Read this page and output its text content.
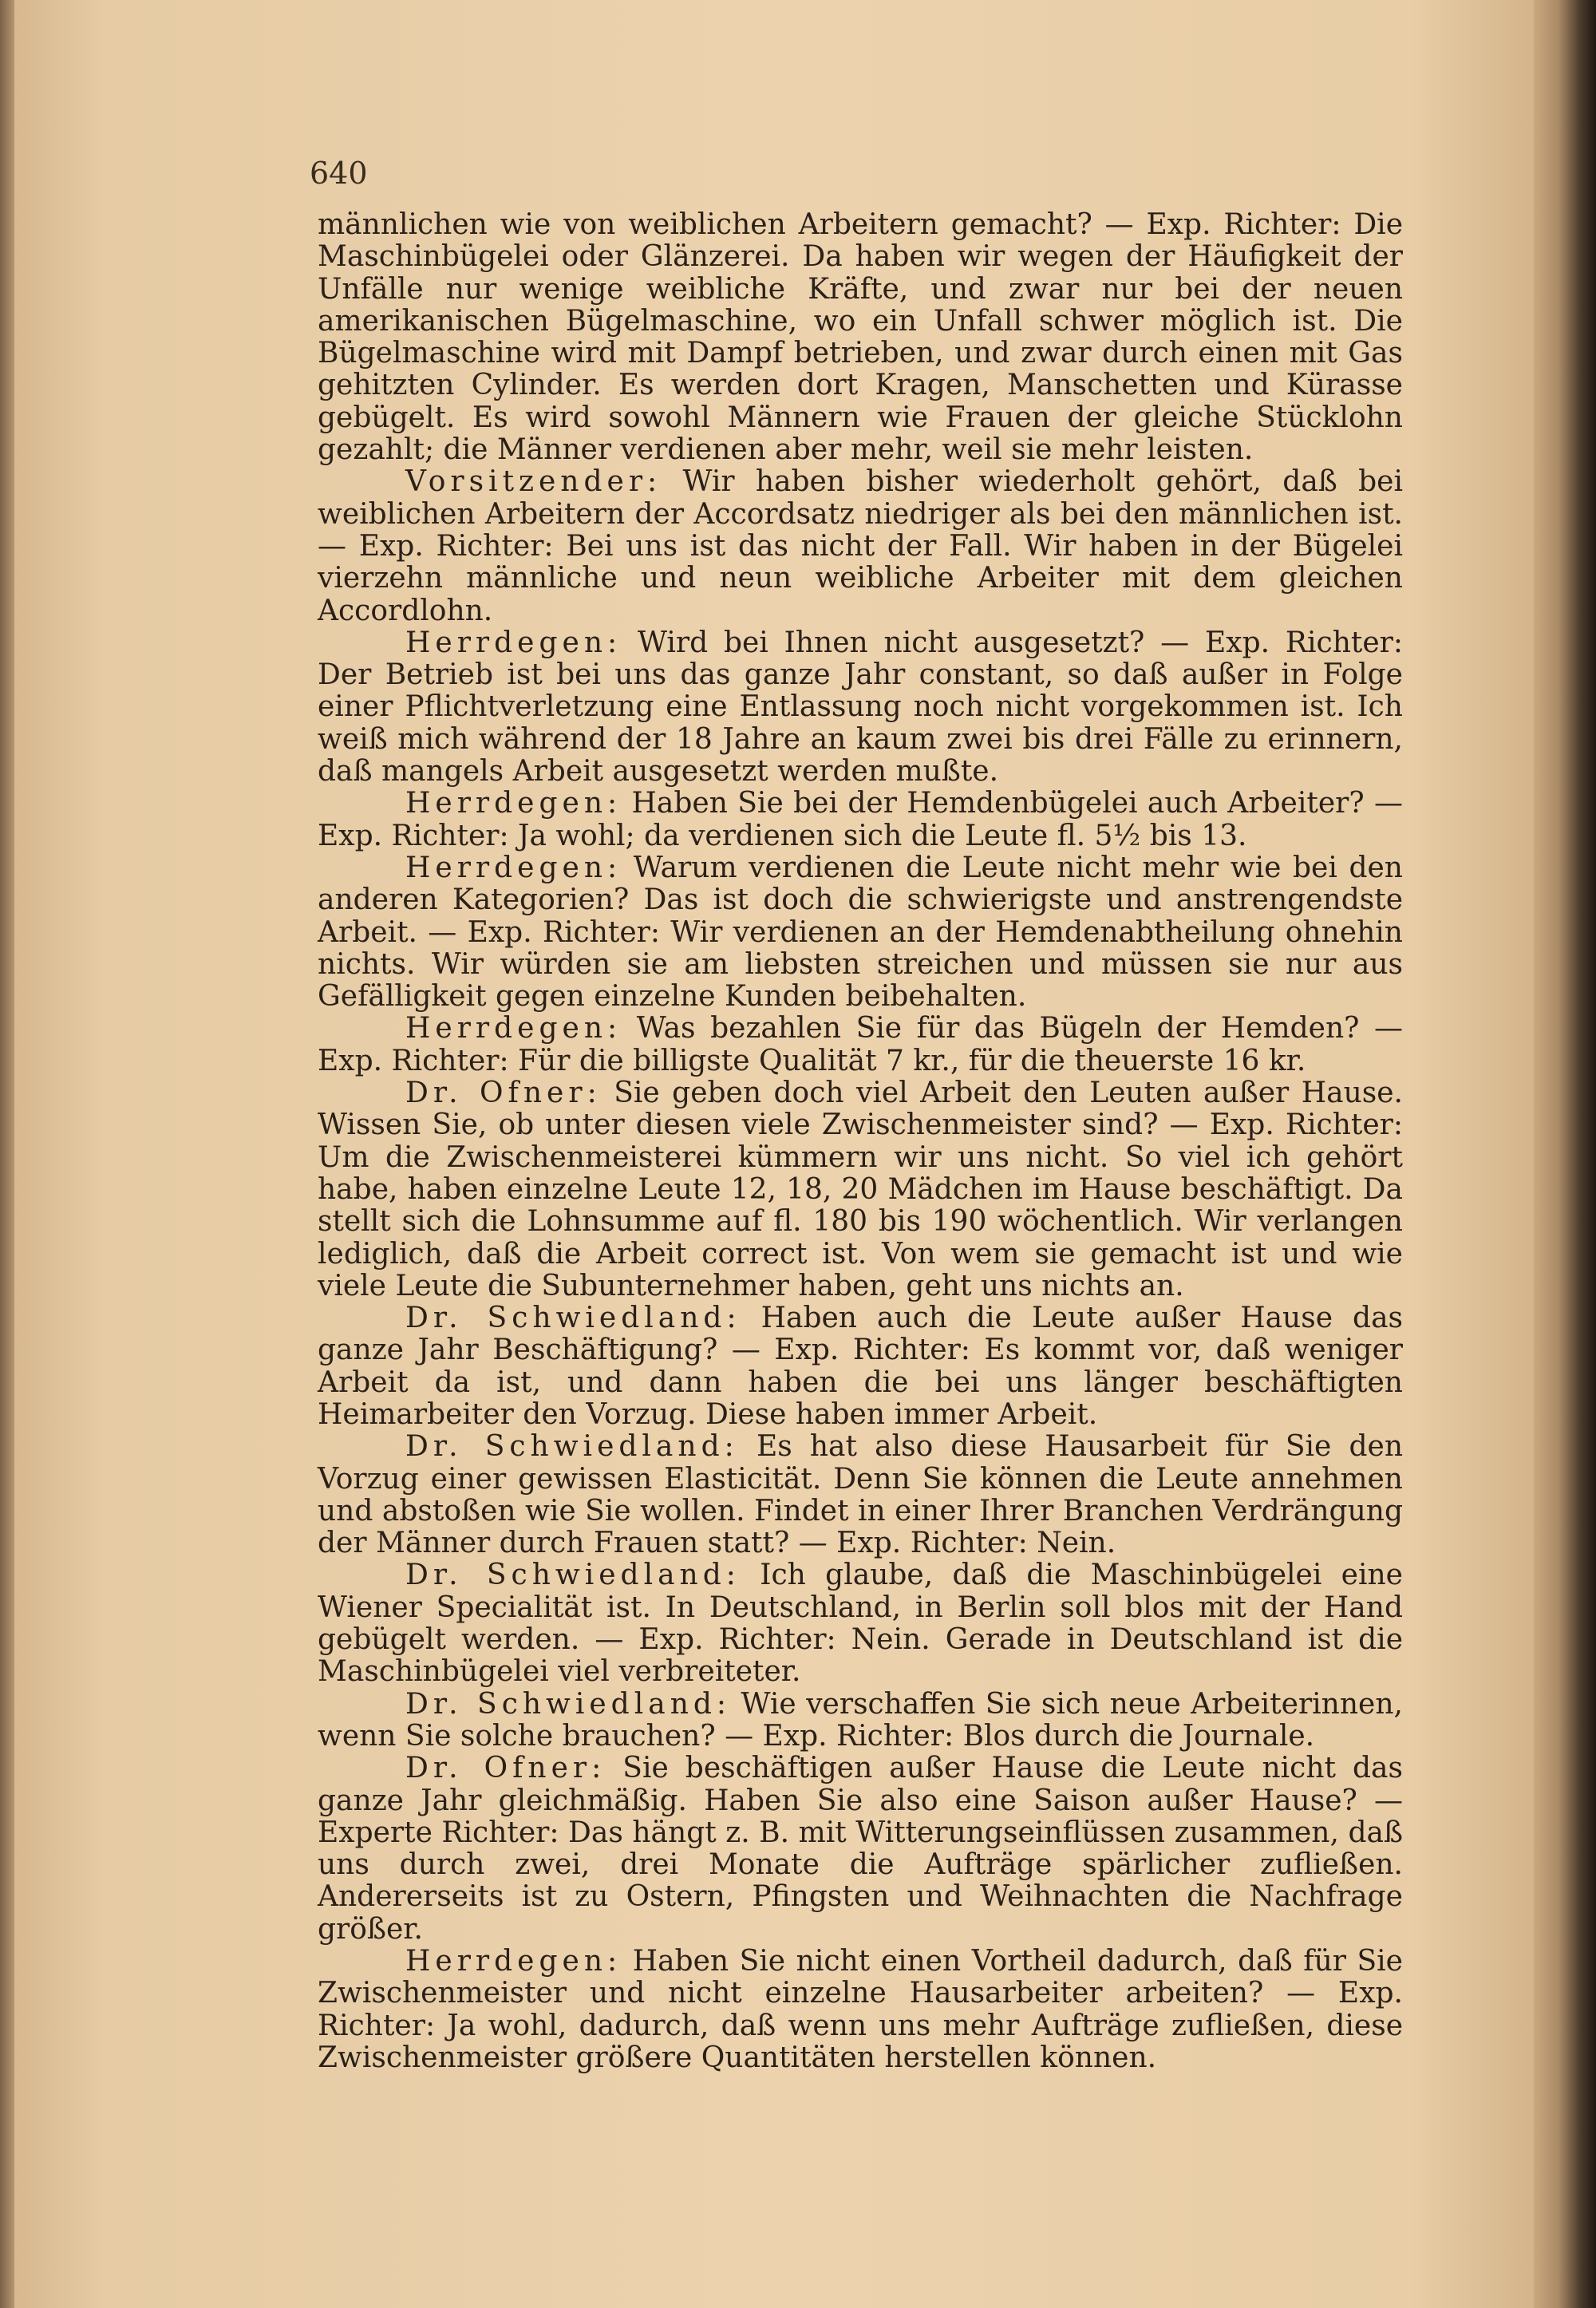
640

männlichen wie von weiblichen Arbeitern gemacht? — Exp. Richter: Die Maschinbügelei oder Glänzerei. Da haben wir wegen der Häufigkeit der Unfälle nur wenige weibliche Kräfte, und zwar nur bei der neuen amerikanischen Bügelmaschine, wo ein Unfall schwer möglich ist. Die Bügelmaschine wird mit Dampf betrieben, und zwar durch einen mit Gas gehitzten Cylinder. Es werden dort Kragen, Manschetten und Kürasse gebügelt. Es wird sowohl Männern wie Frauen der gleiche Stücklohn gezahlt; die Männer verdienen aber mehr, weil sie mehr leisten.

Vorsitzender: Wir haben bisher wiederholt gehört, daß bei weiblichen Arbeitern der Accordsatz niedriger als bei den männlichen ist. — Exp. Richter: Bei uns ist das nicht der Fall. Wir haben in der Bügelei vierzehn männliche und neun weibliche Arbeiter mit dem gleichen Accordlohn.

Herrdegen: Wird bei Ihnen nicht ausgesetzt? — Exp. Richter: Der Betrieb ist bei uns das ganze Jahr constant, so daß außer in Folge einer Pflichtverletzung eine Entlassung noch nicht vorgekommen ist. Ich weiß mich während der 18 Jahre an kaum zwei bis drei Fälle zu erinnern, daß mangels Arbeit ausgesetzt werden mußte.

Herrdegen: Haben Sie bei der Hemdenbügelei auch Arbeiter? — Exp. Richter: Ja wohl; da verdienen sich die Leute fl. 5½ bis 13.

Herrdegen: Warum verdienen die Leute nicht mehr wie bei den anderen Kategorien? Das ist doch die schwierigste und anstrengendste Arbeit. — Exp. Richter: Wir verdienen an der Hemdenabtheilung ohnehin nichts. Wir würden sie am liebsten streichen und müssen sie nur aus Gefälligkeit gegen einzelne Kunden beibehalten.

Herrdegen: Was bezahlen Sie für das Bügeln der Hemden? — Exp. Richter: Für die billigste Qualität 7 kr., für die theuerste 16 kr.

Dr. Ofner: Sie geben doch viel Arbeit den Leuten außer Hause. Wissen Sie, ob unter diesen viele Zwischenmeister sind? — Exp. Richter: Um die Zwischenmeisterei kümmern wir uns nicht. So viel ich gehört habe, haben einzelne Leute 12, 18, 20 Mädchen im Hause beschäftigt. Da stellt sich die Lohnsumme auf fl. 180 bis 190 wöchentlich. Wir verlangen lediglich, daß die Arbeit correct ist. Von wem sie gemacht ist und wie viele Leute die Subunternehmer haben, geht uns nichts an.

Dr. Schwiedland: Haben auch die Leute außer Hause das ganze Jahr Beschäftigung? — Exp. Richter: Es kommt vor, daß weniger Arbeit da ist, und dann haben die bei uns länger beschäftigten Heimarbeiter den Vorzug. Diese haben immer Arbeit.

Dr. Schwiedland: Es hat also diese Hausarbeit für Sie den Vorzug einer gewissen Elasticität. Denn Sie können die Leute annehmen und abstoßen wie Sie wollen. Findet in einer Ihrer Branchen Verdrängung der Männer durch Frauen statt? — Exp. Richter: Nein.

Dr. Schwiedland: Ich glaube, daß die Maschinbügelei eine Wiener Specialität ist. In Deutschland, in Berlin soll blos mit der Hand gebügelt werden. — Exp. Richter: Nein. Gerade in Deutschland ist die Maschinbügelei viel verbreiteter.

Dr. Schwiedland: Wie verschaffen Sie sich neue Arbeiterinnen, wenn Sie solche brauchen? — Exp. Richter: Blos durch die Journale.

Dr. Ofner: Sie beschäftigen außer Hause die Leute nicht das ganze Jahr gleichmäßig. Haben Sie also eine Saison außer Hause? — Experte Richter: Das hängt z. B. mit Witterungseinflüssen zusammen, daß uns durch zwei, drei Monate die Aufträge spärlicher zufließen. Andererseits ist zu Ostern, Pfingsten und Weihnachten die Nachfrage größer.

Herrdegen: Haben Sie nicht einen Vortheil dadurch, daß für Sie Zwischenmeister und nicht einzelne Hausarbeiter arbeiten? — Exp. Richter: Ja wohl, dadurch, daß wenn uns mehr Aufträge zufließen, diese Zwischenmeister größere Quantitäten herstellen können.
